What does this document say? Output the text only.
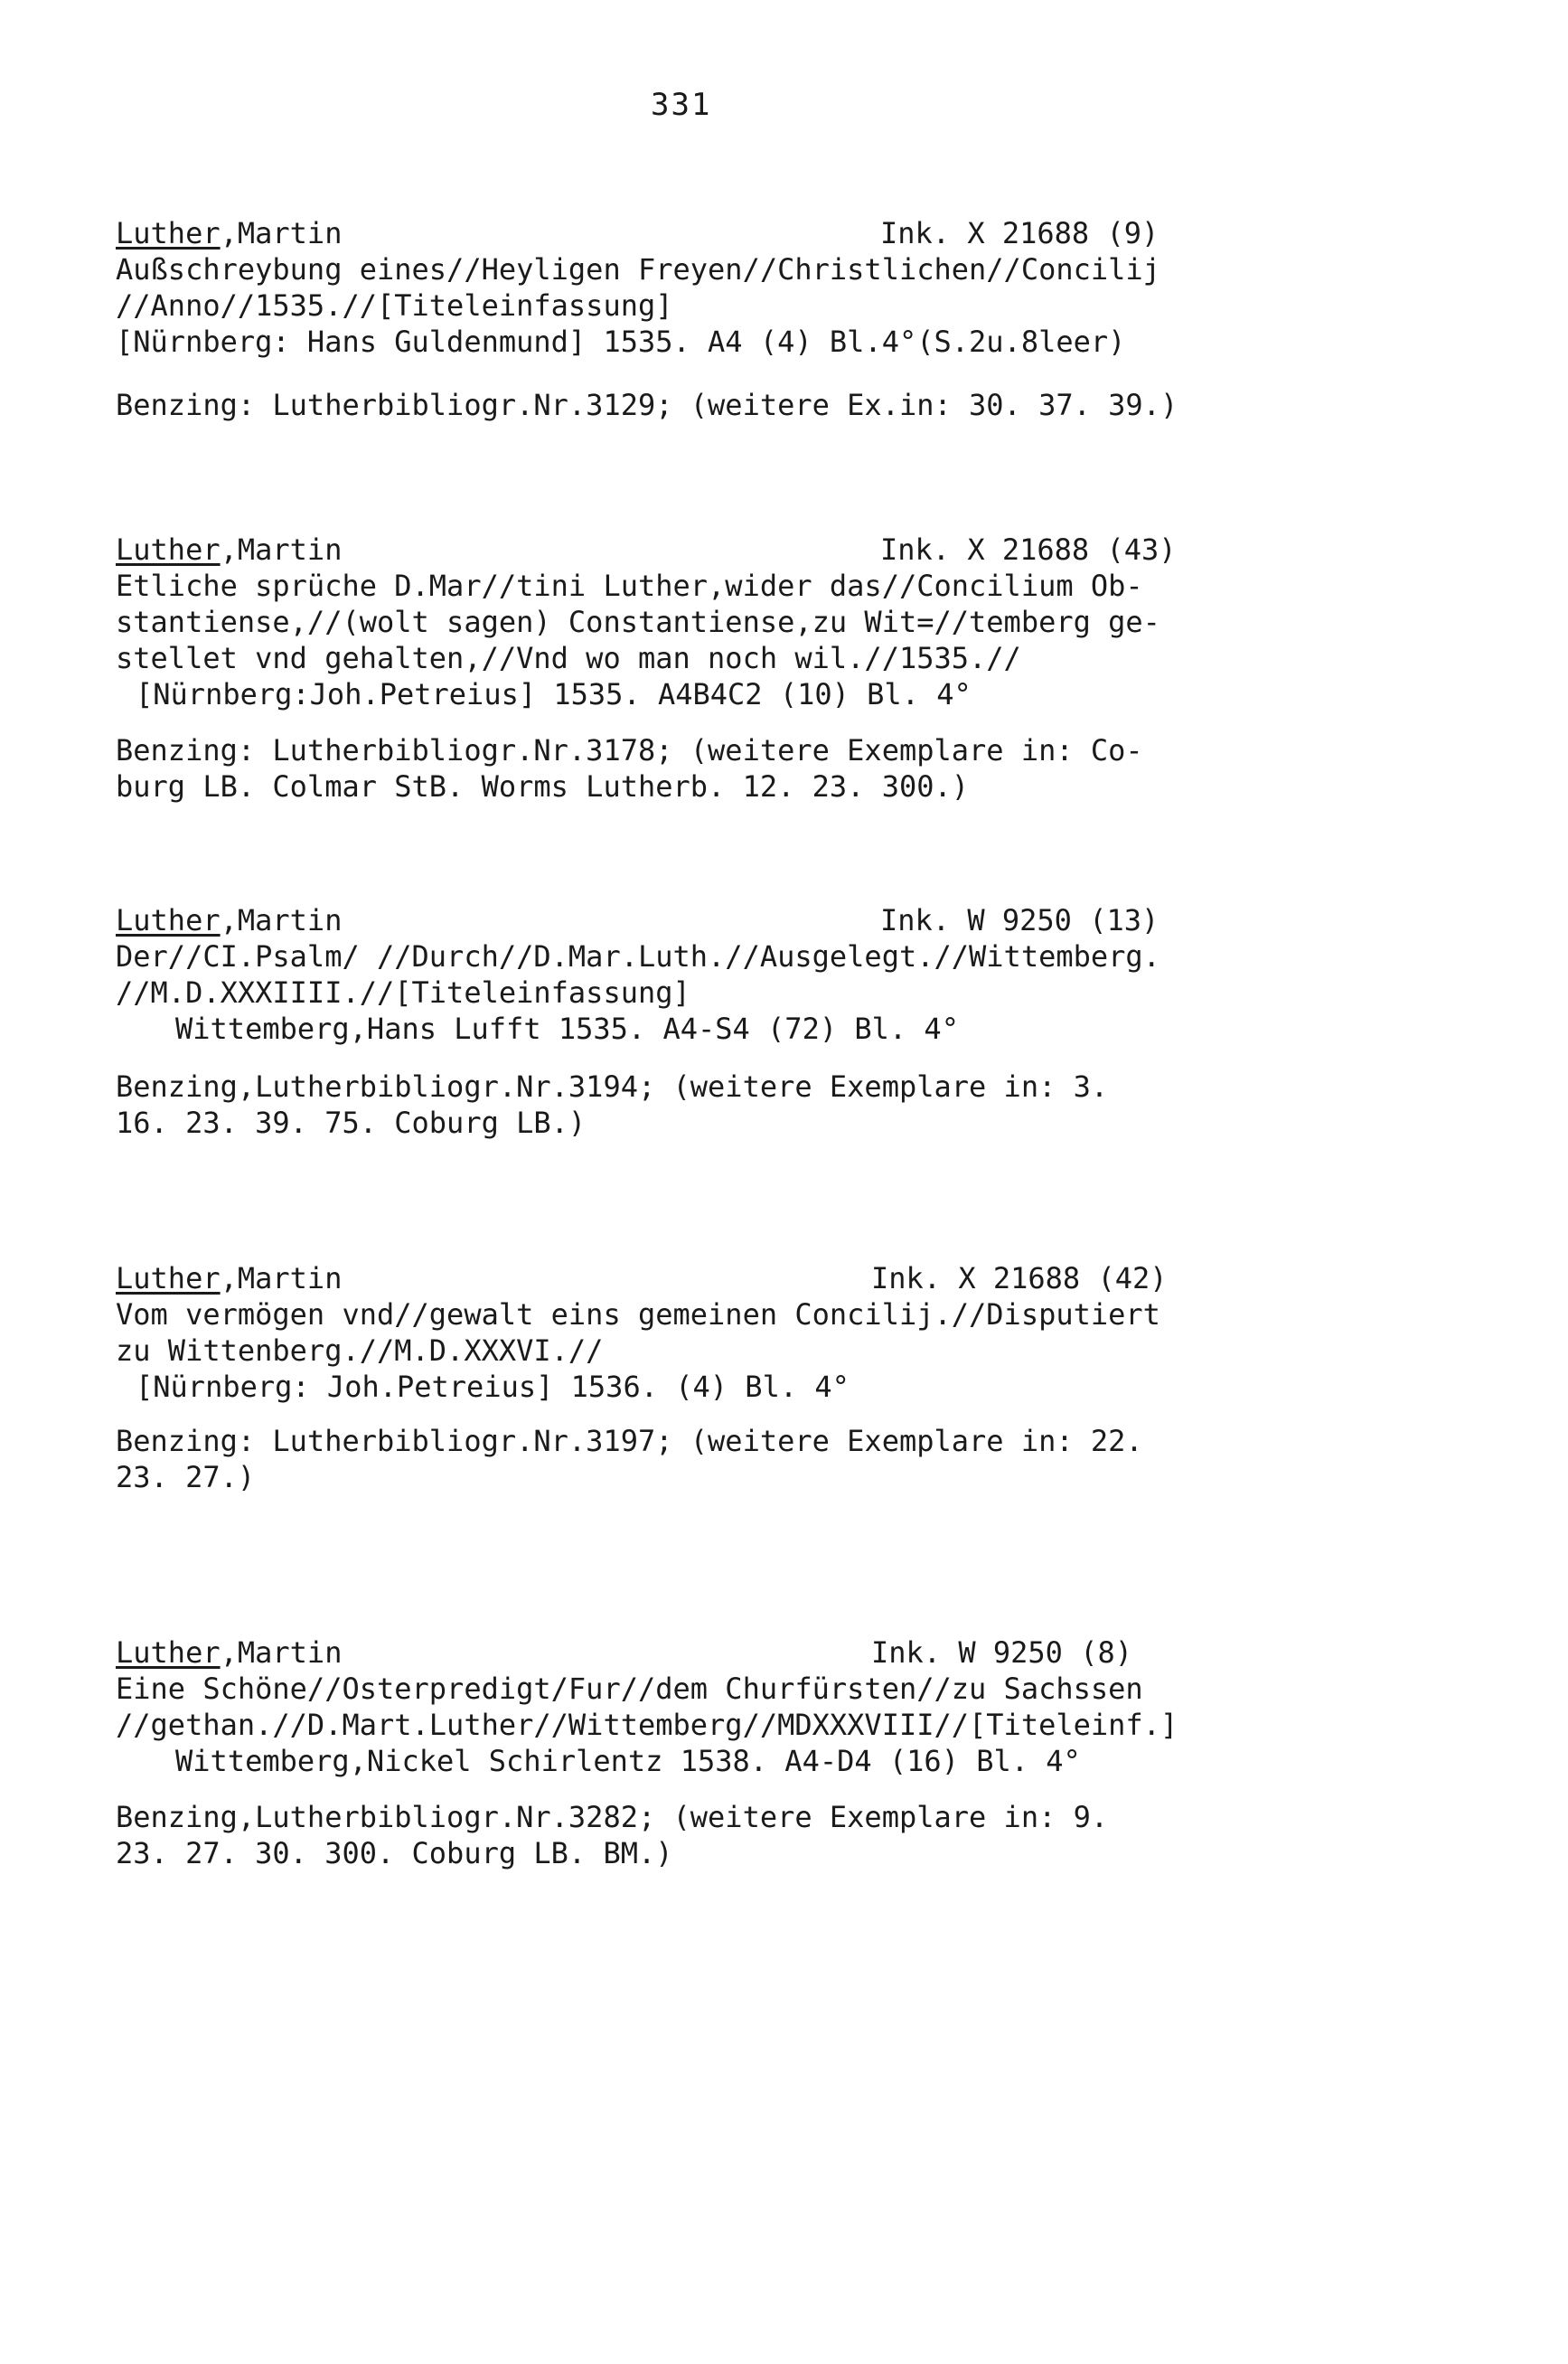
331
Luther,Martin	Ink. X 21688 (9)
Außschreybung eines//Heyligen Freyen//Christlichen//Concilij
//Anno//1535.//[Titeleinfassung]
[Nürnberg: Hans Guldenmund] 1535. A4 (4) Bl.4°(S.2u.8leer)
Benzing: Lutherbibliogr.Nr.3129; (weitere Ex.in: 30. 37. 39.)
Luther,Martin	Ink. X 21688 (43)
Etliche sprüche D.Mar//tini Luther,wider das//Concilium Ob-
stantiense,//(wolt sagen) Constantiense,zu Wit=//temberg ge-
stellet vnd gehalten,//Vnd wo man noch wil.//1535.//
[Nürnberg:Joh.Petreius] 1535. A4B4C2 (10) Bl. 4°
Benzing: Lutherbibliogr.Nr.3178; (weitere Exemplare in: Co-
burg LB. Colmar StB. Worms Lutherb. 12. 23. 300.)
Luther,Martin	Ink. W 9250 (13)
Der//CI.Psalm/ //Durch//D.Mar.Luth.//Ausgelegt.//Wittemberg.
//M.D.XXXIIII.//[Titeleinfassung]
Wittemberg,Hans Lufft 1535. A4-S4 (72) Bl. 4°
Benzing,Lutherbibliogr.Nr.3194; (weitere Exemplare in: 3.
16. 23. 39. 75. Coburg LB.)
Luther,Martin	Ink. X 21688 (42)
Vom vermögen vnd//gewalt eins gemeinen Concilij.//Disputiert
zu Wittenberg.//M.D.XXXVI.//
[Nürnberg: Joh.Petreius] 1536. (4) Bl. 4°
Benzing: Lutherbibliogr.Nr.3197; (weitere Exemplare in: 22.
23. 27.)
Luther,Martin	Ink. W 9250 (8)
Eine Schöne//Osterpredigt/Fur//dem Churfürsten//zu Sachssen
//gethan.//D.Mart.Luther//Wittemberg//MDXXXVIII//[Titeleinf.]
Wittemberg,Nickel Schirlentz 1538. A4-D4 (16) Bl. 4°
Benzing,Lutherbibliogr.Nr.3282; (weitere Exemplare in: 9.
23. 27. 30. 300. Coburg LB. BM.)
